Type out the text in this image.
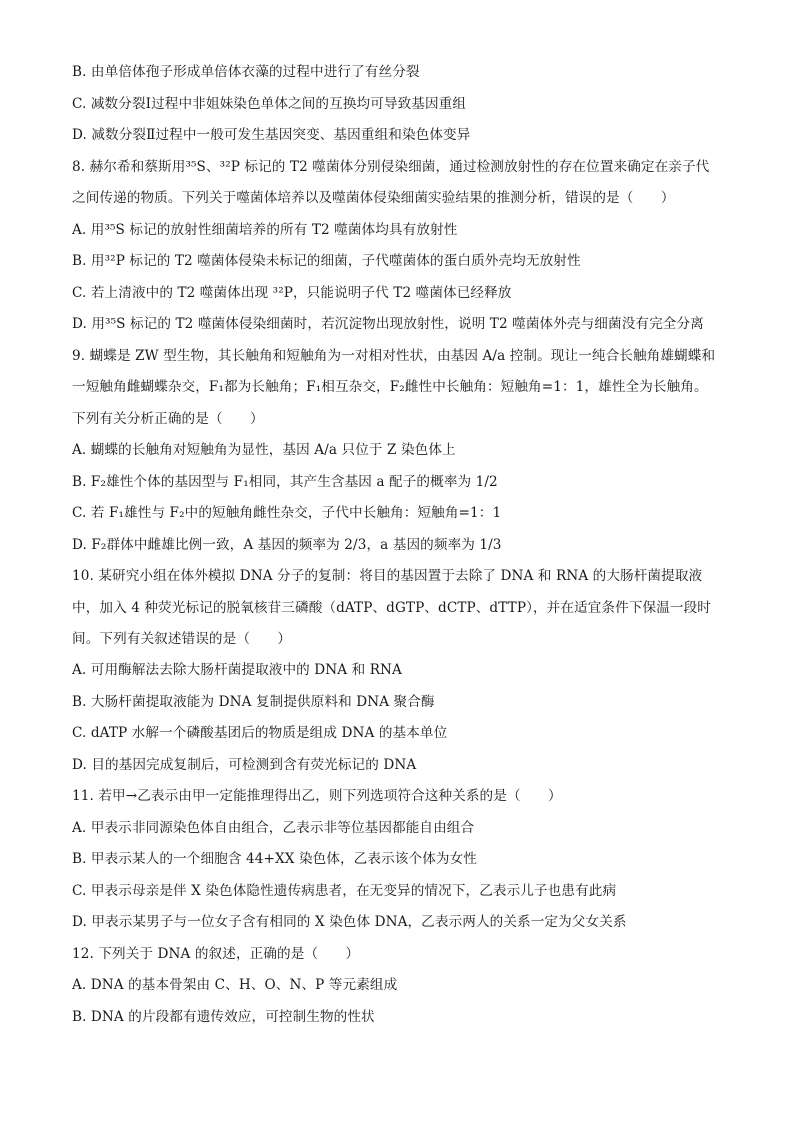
B. 由单倍体孢子形成单倍体衣藻的过程中进行了有丝分裂
C. 减数分裂Ⅰ过程中非姐妹染色单体之间的互换均可导致基因重组
D. 减数分裂Ⅱ过程中一般可发生基因突变、基因重组和染色体变异
8. 赫尔希和蔡斯用³⁵S、³²P 标记的 T2 噬菌体分别侵染细菌，通过检测放射性的存在位置来确定在亲子代
之间传递的物质。下列关于噬菌体培养以及噬菌体侵染细菌实验结果的推测分析，错误的是（　　）
A. 用³⁵S 标记的放射性细菌培养的所有 T2 噬菌体均具有放射性
B. 用³²P 标记的 T2 噬菌体侵染未标记的细菌，子代噬菌体的蛋白质外壳均无放射性
C. 若上清液中的 T2 噬菌体出现 ³²P，只能说明子代 T2 噬菌体已经释放
D. 用³⁵S 标记的 T2 噬菌体侵染细菌时，若沉淀物出现放射性，说明 T2 噬菌体外壳与细菌没有完全分离
9. 蝴蝶是 ZW 型生物，其长触角和短触角为一对相对性状，由基因 A/a 控制。现让一纯合长触角雄蝴蝶和
一短触角雌蝴蝶杂交，F₁都为长触角；F₁相互杂交，F₂雌性中长触角：短触角=1：1，雄性全为长触角。
下列有关分析正确的是（　　）
A. 蝴蝶的长触角对短触角为显性，基因 A/a 只位于 Z 染色体上
B. F₂雄性个体的基因型与 F₁相同，其产生含基因 a 配子的概率为 1/2
C. 若 F₁雄性与 F₂中的短触角雌性杂交，子代中长触角：短触角=1：1
D. F₂群体中雌雄比例一致，A 基因的频率为 2/3，a 基因的频率为 1/3
10. 某研究小组在体外模拟 DNA 分子的复制：将目的基因置于去除了 DNA 和 RNA 的大肠杆菌提取液
中，加入 4 种荧光标记的脱氧核苷三磷酸（dATP、dGTP、dCTP、dTTP），并在适宜条件下保温一段时
间。下列有关叙述错误的是（　　）
A. 可用酶解法去除大肠杆菌提取液中的 DNA 和 RNA
B. 大肠杆菌提取液能为 DNA 复制提供原料和 DNA 聚合酶
C. dATP 水解一个磷酸基团后的物质是组成 DNA 的基本单位
D. 目的基因完成复制后，可检测到含有荧光标记的 DNA
11. 若甲→乙表示由甲一定能推理得出乙，则下列选项符合这种关系的是（　　）
A. 甲表示非同源染色体自由组合，乙表示非等位基因都能自由组合
B. 甲表示某人的一个细胞含 44+XX 染色体，乙表示该个体为女性
C. 甲表示母亲是伴 X 染色体隐性遗传病患者，在无变异的情况下，乙表示儿子也患有此病
D. 甲表示某男子与一位女子含有相同的 X 染色体 DNA，乙表示两人的关系一定为父女关系
12. 下列关于 DNA 的叙述，正确的是（　　）
A. DNA 的基本骨架由 C、H、O、N、P 等元素组成
B. DNA 的片段都有遗传效应，可控制生物的性状
